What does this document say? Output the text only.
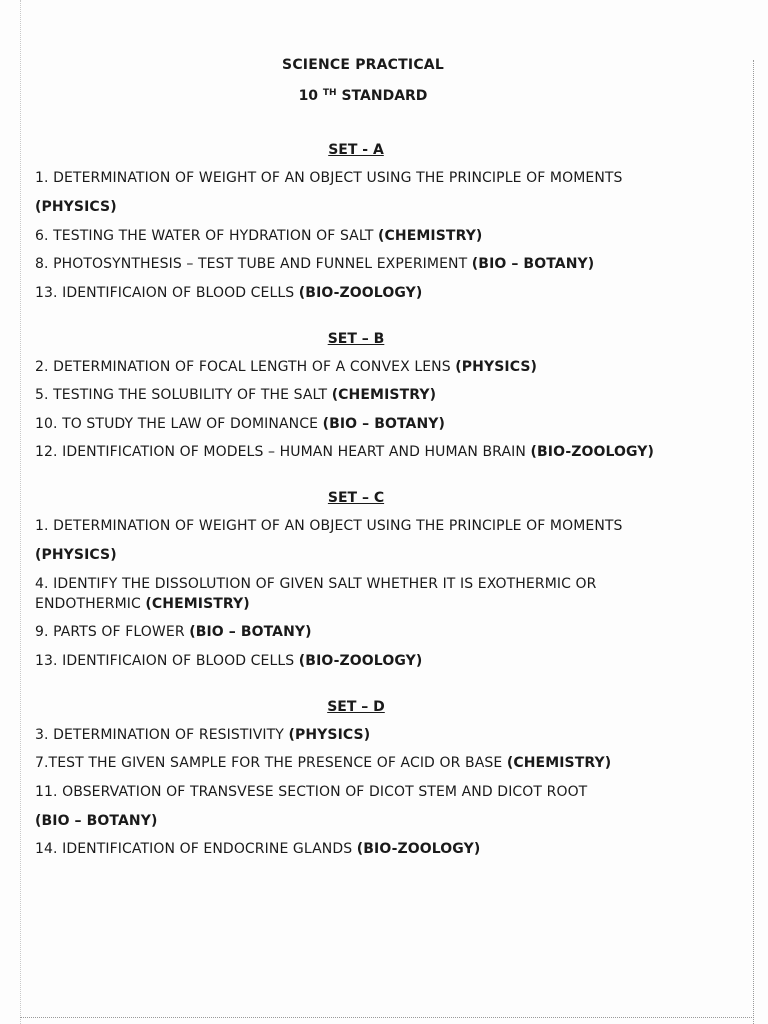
SCIENCE PRACTICAL
10 $^{TH}$ STANDARD
SET - A
1. DETERMINATION OF WEIGHT OF AN OBJECT USING THE PRINCIPLE OF MOMENTS
(PHYSICS)
6. TESTING THE WATER OF HYDRATION OF SALT (CHEMISTRY)
8. PHOTOSYNTHESIS – TEST TUBE AND FUNNEL EXPERIMENT (BIO – BOTANY)
13. IDENTIFICAION OF BLOOD CELLS (BIO-ZOOLOGY)
SET – B
2. DETERMINATION OF FOCAL LENGTH OF A CONVEX LENS (PHYSICS)
5. TESTING THE SOLUBILITY OF THE SALT (CHEMISTRY)
10. TO STUDY THE LAW OF DOMINANCE (BIO – BOTANY)
12. IDENTIFICATION OF MODELS – HUMAN HEART AND HUMAN BRAIN (BIO-ZOOLOGY)
SET – C
1. DETERMINATION OF WEIGHT OF AN OBJECT USING THE PRINCIPLE OF MOMENTS
(PHYSICS)
4. IDENTIFY THE DISSOLUTION OF GIVEN SALT WHETHER IT IS EXOTHERMIC OR
ENDOTHERMIC (CHEMISTRY)
9. PARTS OF FLOWER (BIO – BOTANY)
13. IDENTIFICAION OF BLOOD CELLS (BIO-ZOOLOGY)
SET – D
3. DETERMINATION OF RESISTIVITY (PHYSICS)
7.TEST THE GIVEN SAMPLE FOR THE PRESENCE OF ACID OR BASE (CHEMISTRY)
11. OBSERVATION OF TRANSVESE SECTION OF DICOT STEM AND DICOT ROOT
(BIO – BOTANY)
14. IDENTIFICATION OF ENDOCRINE GLANDS (BIO-ZOOLOGY)
